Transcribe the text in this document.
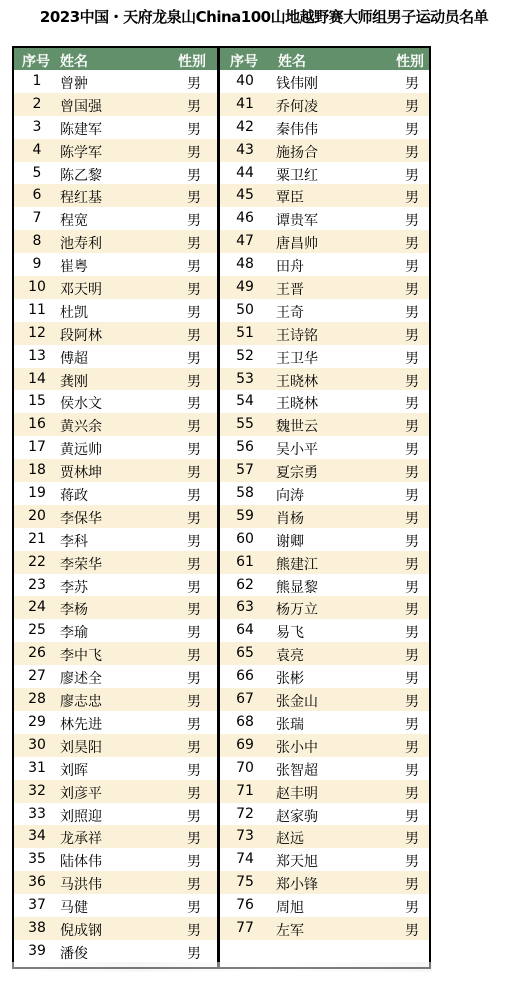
2023中国・天府龙泉山China100山地越野赛大师组男子运动员名单
序号 姓名	性别
1	曾翀	男
2	曾国强	男
3	陈建军	男
4	陈学军	男
5	陈乙黎	男
6	程红基	男
7	程宽	男
8	池寿利	男
9	崔粤	男
10	邓天明	男
11	杜凯	男
12	段阿林	男
13	傅超	男
14	龚刚	男
15	侯水文	男
16	黄兴余	男
17	黄远帅	男
18	贾林坤	男
19	蒋政	男
20	李保华	男
21	李科	男
22	李荣华	男
23	李苏	男
24	李杨	男
25	李瑜	男
26	李中飞	男
27	廖述全	男
28	廖志忠	男
29	林先进	男
30	刘昊阳	男
31	刘晖	男
32	刘彦平	男
33	刘照迎	男
34	龙承祥	男
35	陆体伟	男
36	马洪伟	男
37	马健	男
38	倪成钢	男
39	潘俊	男
序号 姓名	性别
40	钱伟刚	男
41	乔何凌	男
42	秦伟伟	男
43	施扬合	男
44	粟卫红	男
45	覃臣	男
46	谭贵军	男
47	唐昌帅	男
48	田舟	男
49	王晋	男
50	王奇	男
51	王诗铭	男
52	王卫华	男
53	王晓林	男
54	王晓林	男
55	魏世云	男
56	吴小平	男
57	夏宗勇	男
58	向涛	男
59	肖杨	男
60	谢卿	男
61	熊建江	男
62	熊显黎	男
63	杨万立	男
64	易飞	男
65	袁亮	男
66	张彬	男
67	张金山	男
68	张瑞	男
69	张小中	男
70	张智超	男
71	赵丰明	男
72	赵家驹	男
73	赵远	男
74	郑天旭	男
75	郑小锋	男
76	周旭	男
77	左军	男
